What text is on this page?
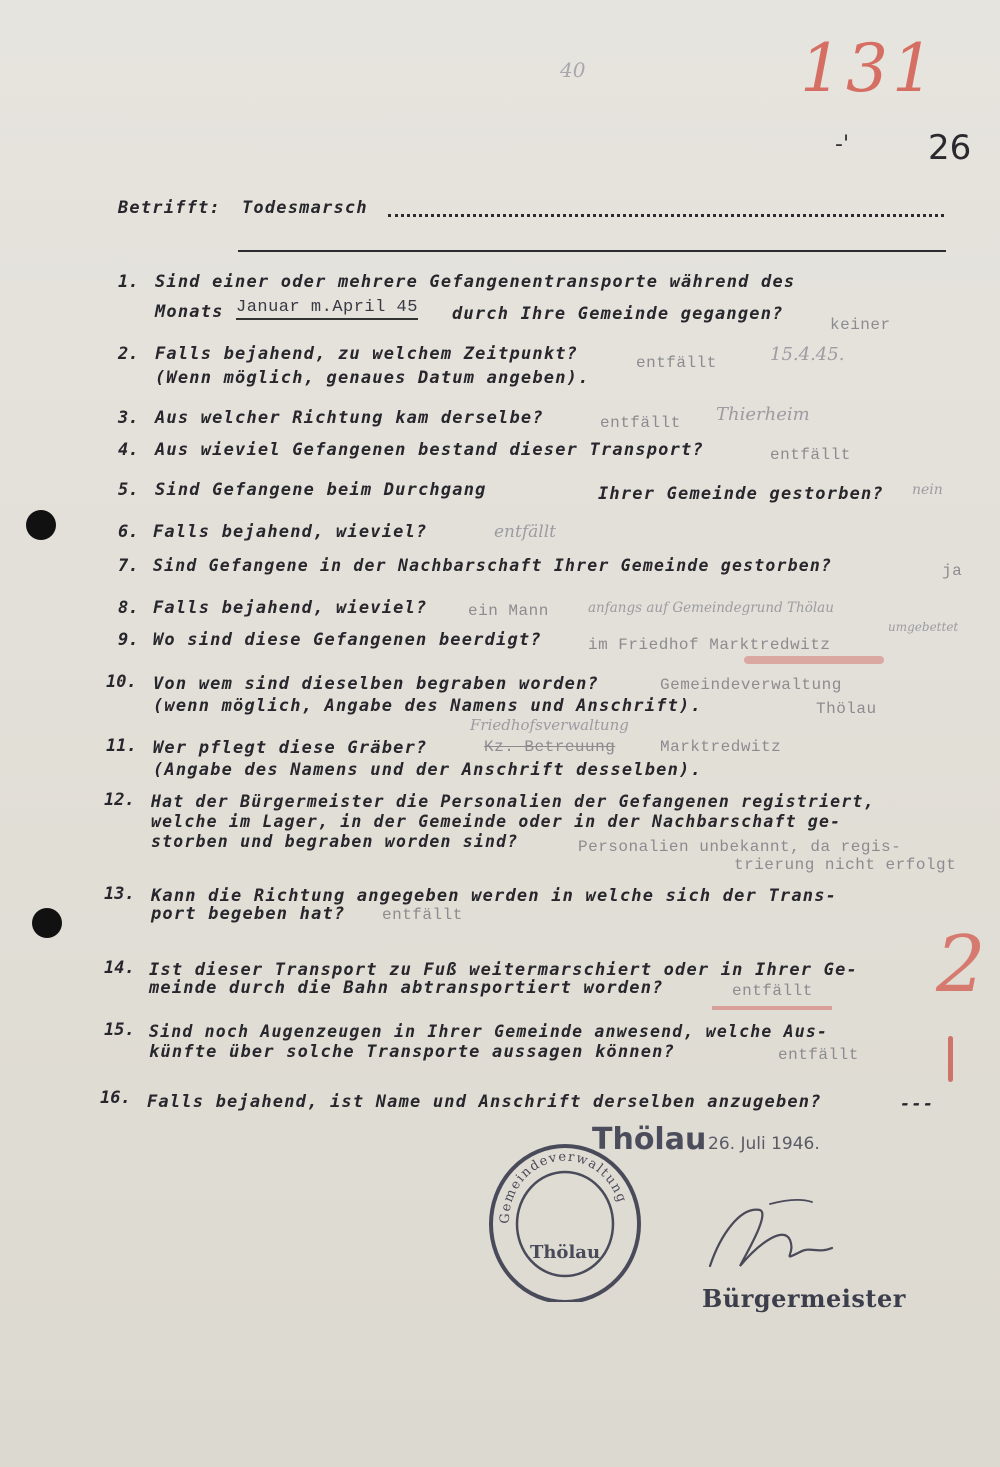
40	131
-' 26
Betrifft: Todesmarsch
1. Sind einer oder mehrere Gefangenentransporte während des
Monats Januar m.April 45 durch Ihre Gemeinde gegangen?
keiner
2. Falls bejahend, zu welchem Zeitpunkt?
(Wenn möglich, genaues Datum angeben).
entfällt	15.4.45.
3. Aus welcher Richtung kam derselbe?	entfällt Thierheim
4. Aus wieviel Gefangenen bestand dieser Transport?	entfällt
5. Sind Gefangene beim Durchgang	Ihrer Gemeinde gestorben? nein
6. Falls bejahend, wieviel?	entfällt
7. Sind Gefangene in der Nachbarschaft Ihrer Gemeinde gestorben?	ja
8. Falls bejahend, wieviel?	ein Mann	anfangs auf Gemeindegrund Thölau
9. Wo sind diese Gefangenen beerdigt?	im Friedhof Marktredwitz
umgebettet
10. Von wem sind dieselben begraben worden?
(wenn möglich, Angabe des Namens und Anschrift).
Gemeindeverwaltung
Thölau
11. Wer pflegt diese Gräber?
(Angabe des Namens und der Anschrift desselben).
Kz. Betreuung	Marktredwitz
Friedhofsverwaltung
12. Hat der Bürgermeister die Personalien der Gefangenen registriert,
welche im Lager, in der Gemeinde oder in der Nachbarschaft ge-
storben und begraben worden sind?	Personalien unbekannt, da regis-
trierung nicht erfolgt
13. Kann die Richtung angegeben werden in welche sich der Trans-
port begeben hat? entfällt
14. Ist dieser Transport zu Fuß weitermarschiert oder in Ihrer Ge-
meinde durch die Bahn abtransportiert worden?	entfällt 2
15. Sind noch Augenzeugen in Ihrer Gemeinde anwesend, welche Aus-
künfte über solche Transporte aussagen können?	entfällt
16. Falls bejahend, ist Name und Anschrift derselben anzugeben?	---
Thölau 26. Juli 1946.
Gemeindeverwaltung
Thölau
Bürgermeister
